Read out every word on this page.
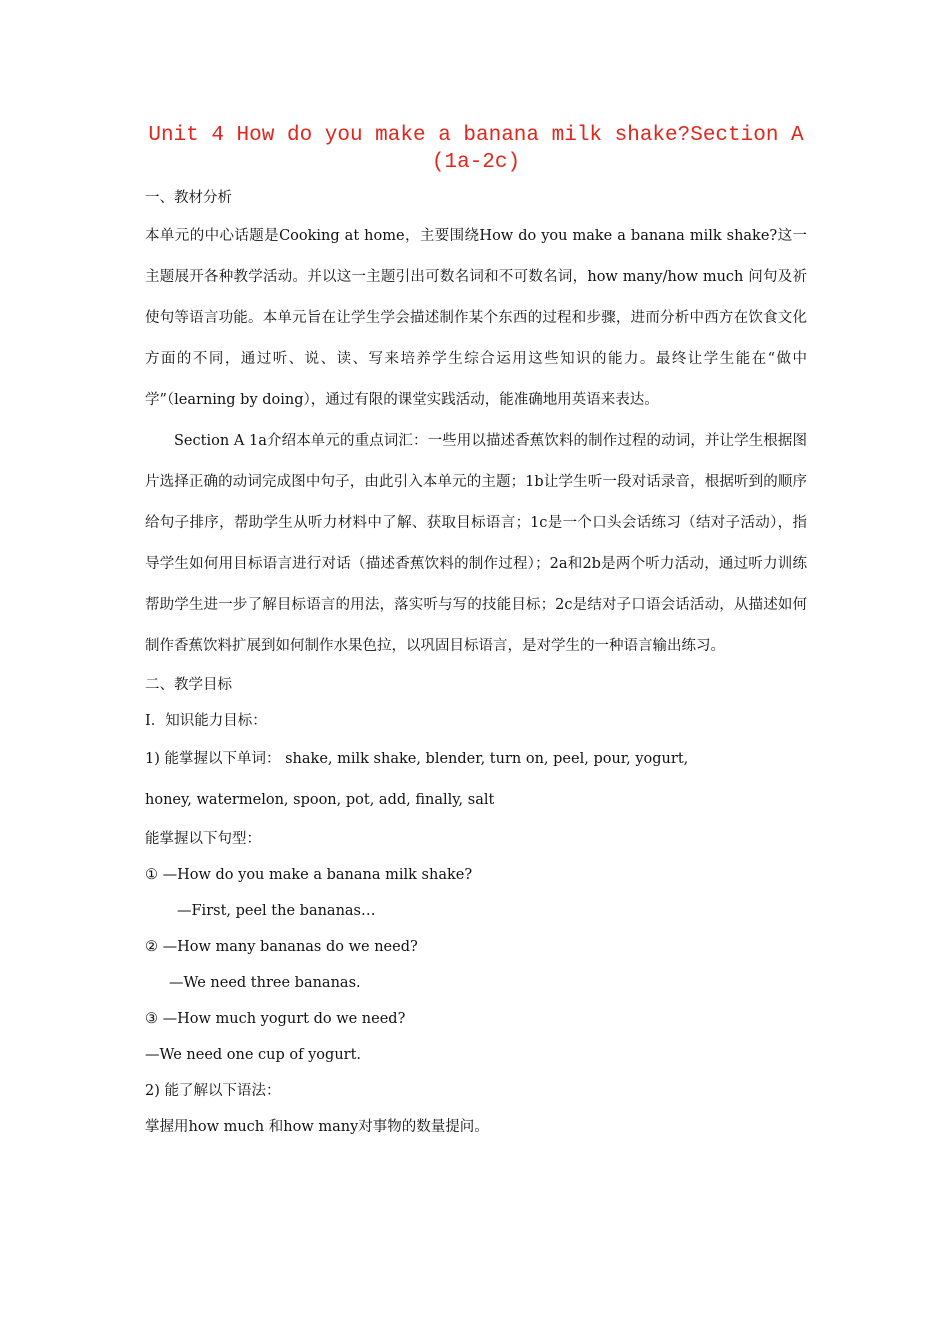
Unit 4 How do you make a banana milk shake?Section A (1a-2c)
一、教材分析

本单元的中心话题是Cooking at home，主要围绕How do you make a banana milk shake?这一主题展开各种教学活动。并以这一主题引出可数名词和不可数名词，how many/how much 问句及祈使句等语言功能。本单元旨在让学生学会描述制作某个东西的过程和步骤，进而分析中西方在饮食文化方面的不同，通过听、说、读、写来培养学生综合运用这些知识的能力。最终让学生能在“做中学”（learning by doing），通过有限的课堂实践活动，能准确地用英语来表达。

Section A 1a介绍本单元的重点词汇：一些用以描述香蕉饮料的制作过程的动词，并让学生根据图片选择正确的动词完成图中句子，由此引入本单元的主题；1b让学生听一段对话录音，根据听到的顺序给句子排序，帮助学生从听力材料中了解、获取目标语言；1c是一个口头会话练习（结对子活动），指导学生如何用目标语言进行对话（描述香蕉饮料的制作过程）；2a和2b是两个听力活动，通过听力训练帮助学生进一步了解目标语言的用法，落实听与写的技能目标；2c是结对子口语会话活动，从描述如何制作香蕉饮料扩展到如何制作水果色拉，以巩固目标语言，是对学生的一种语言输出练习。

二、教学目标
I．知识能力目标：
1) 能掌握以下单词： shake, milk shake, blender, turn on, peel, pour, yogurt,
honey, watermelon, spoon, pot, add, finally, salt
能掌握以下句型：
① —How do you make a banana milk shake?
—First, peel the bananas…
② —How many bananas do we need?
—We need three bananas.
③ —How much yogurt do we need?
—We need one cup of yogurt.
2) 能了解以下语法：
掌握用how much 和how many对事物的数量提问。
